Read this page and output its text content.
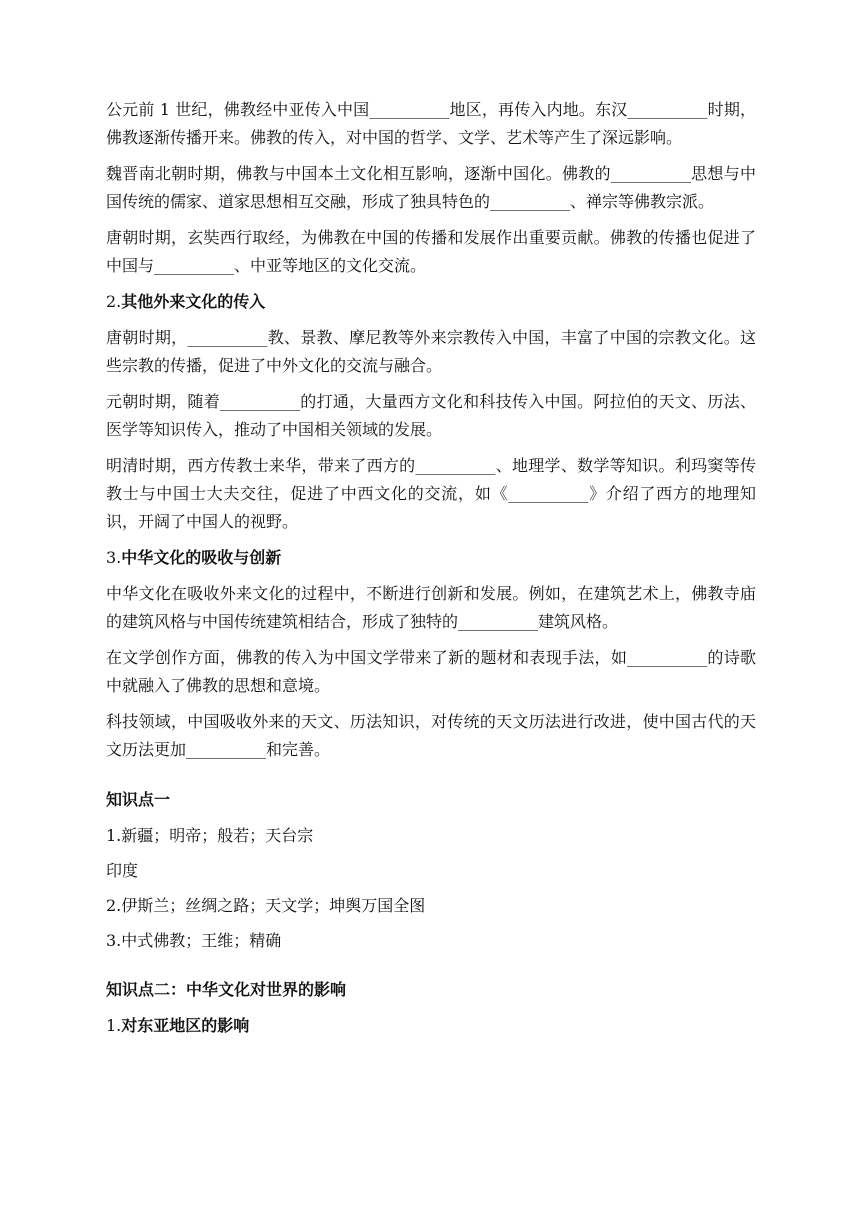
公元前 1 世纪，佛教经中亚传入中国__________地区，再传入内地。东汉__________时期，佛教逐渐传播开来。佛教的传入，对中国的哲学、文学、艺术等产生了深远影响。

魏晋南北朝时期，佛教与中国本土文化相互影响，逐渐中国化。佛教的__________思想与中国传统的儒家、道家思想相互交融，形成了独具特色的__________、禅宗等佛教宗派。

唐朝时期，玄奘西行取经，为佛教在中国的传播和发展作出重要贡献。佛教的传播也促进了中国与__________、中亚等地区的文化交流。

2.其他外来文化的传入

唐朝时期，__________教、景教、摩尼教等外来宗教传入中国，丰富了中国的宗教文化。这些宗教的传播，促进了中外文化的交流与融合。

元朝时期，随着__________的打通，大量西方文化和科技传入中国。阿拉伯的天文、历法、医学等知识传入，推动了中国相关领域的发展。

明清时期，西方传教士来华，带来了西方的__________、地理学、数学等知识。利玛窦等传教士与中国士大夫交往，促进了中西文化的交流，如《__________》介绍了西方的地理知识，开阔了中国人的视野。

3.中华文化的吸收与创新

中华文化在吸收外来文化的过程中，不断进行创新和发展。例如，在建筑艺术上，佛教寺庙的建筑风格与中国传统建筑相结合，形成了独特的__________建筑风格。

在文学创作方面，佛教的传入为中国文学带来了新的题材和表现手法，如__________的诗歌中就融入了佛教的思想和意境。

科技领域，中国吸收外来的天文、历法知识，对传统的天文历法进行改进，使中国古代的天文历法更加__________和完善。

知识点一
1.新疆；明帝；般若；天台宗
印度
2.伊斯兰；丝绸之路；天文学；坤舆万国全图
3.中式佛教；王维；精确
知识点二：中华文化对世界的影响
1.对东亚地区的影响
